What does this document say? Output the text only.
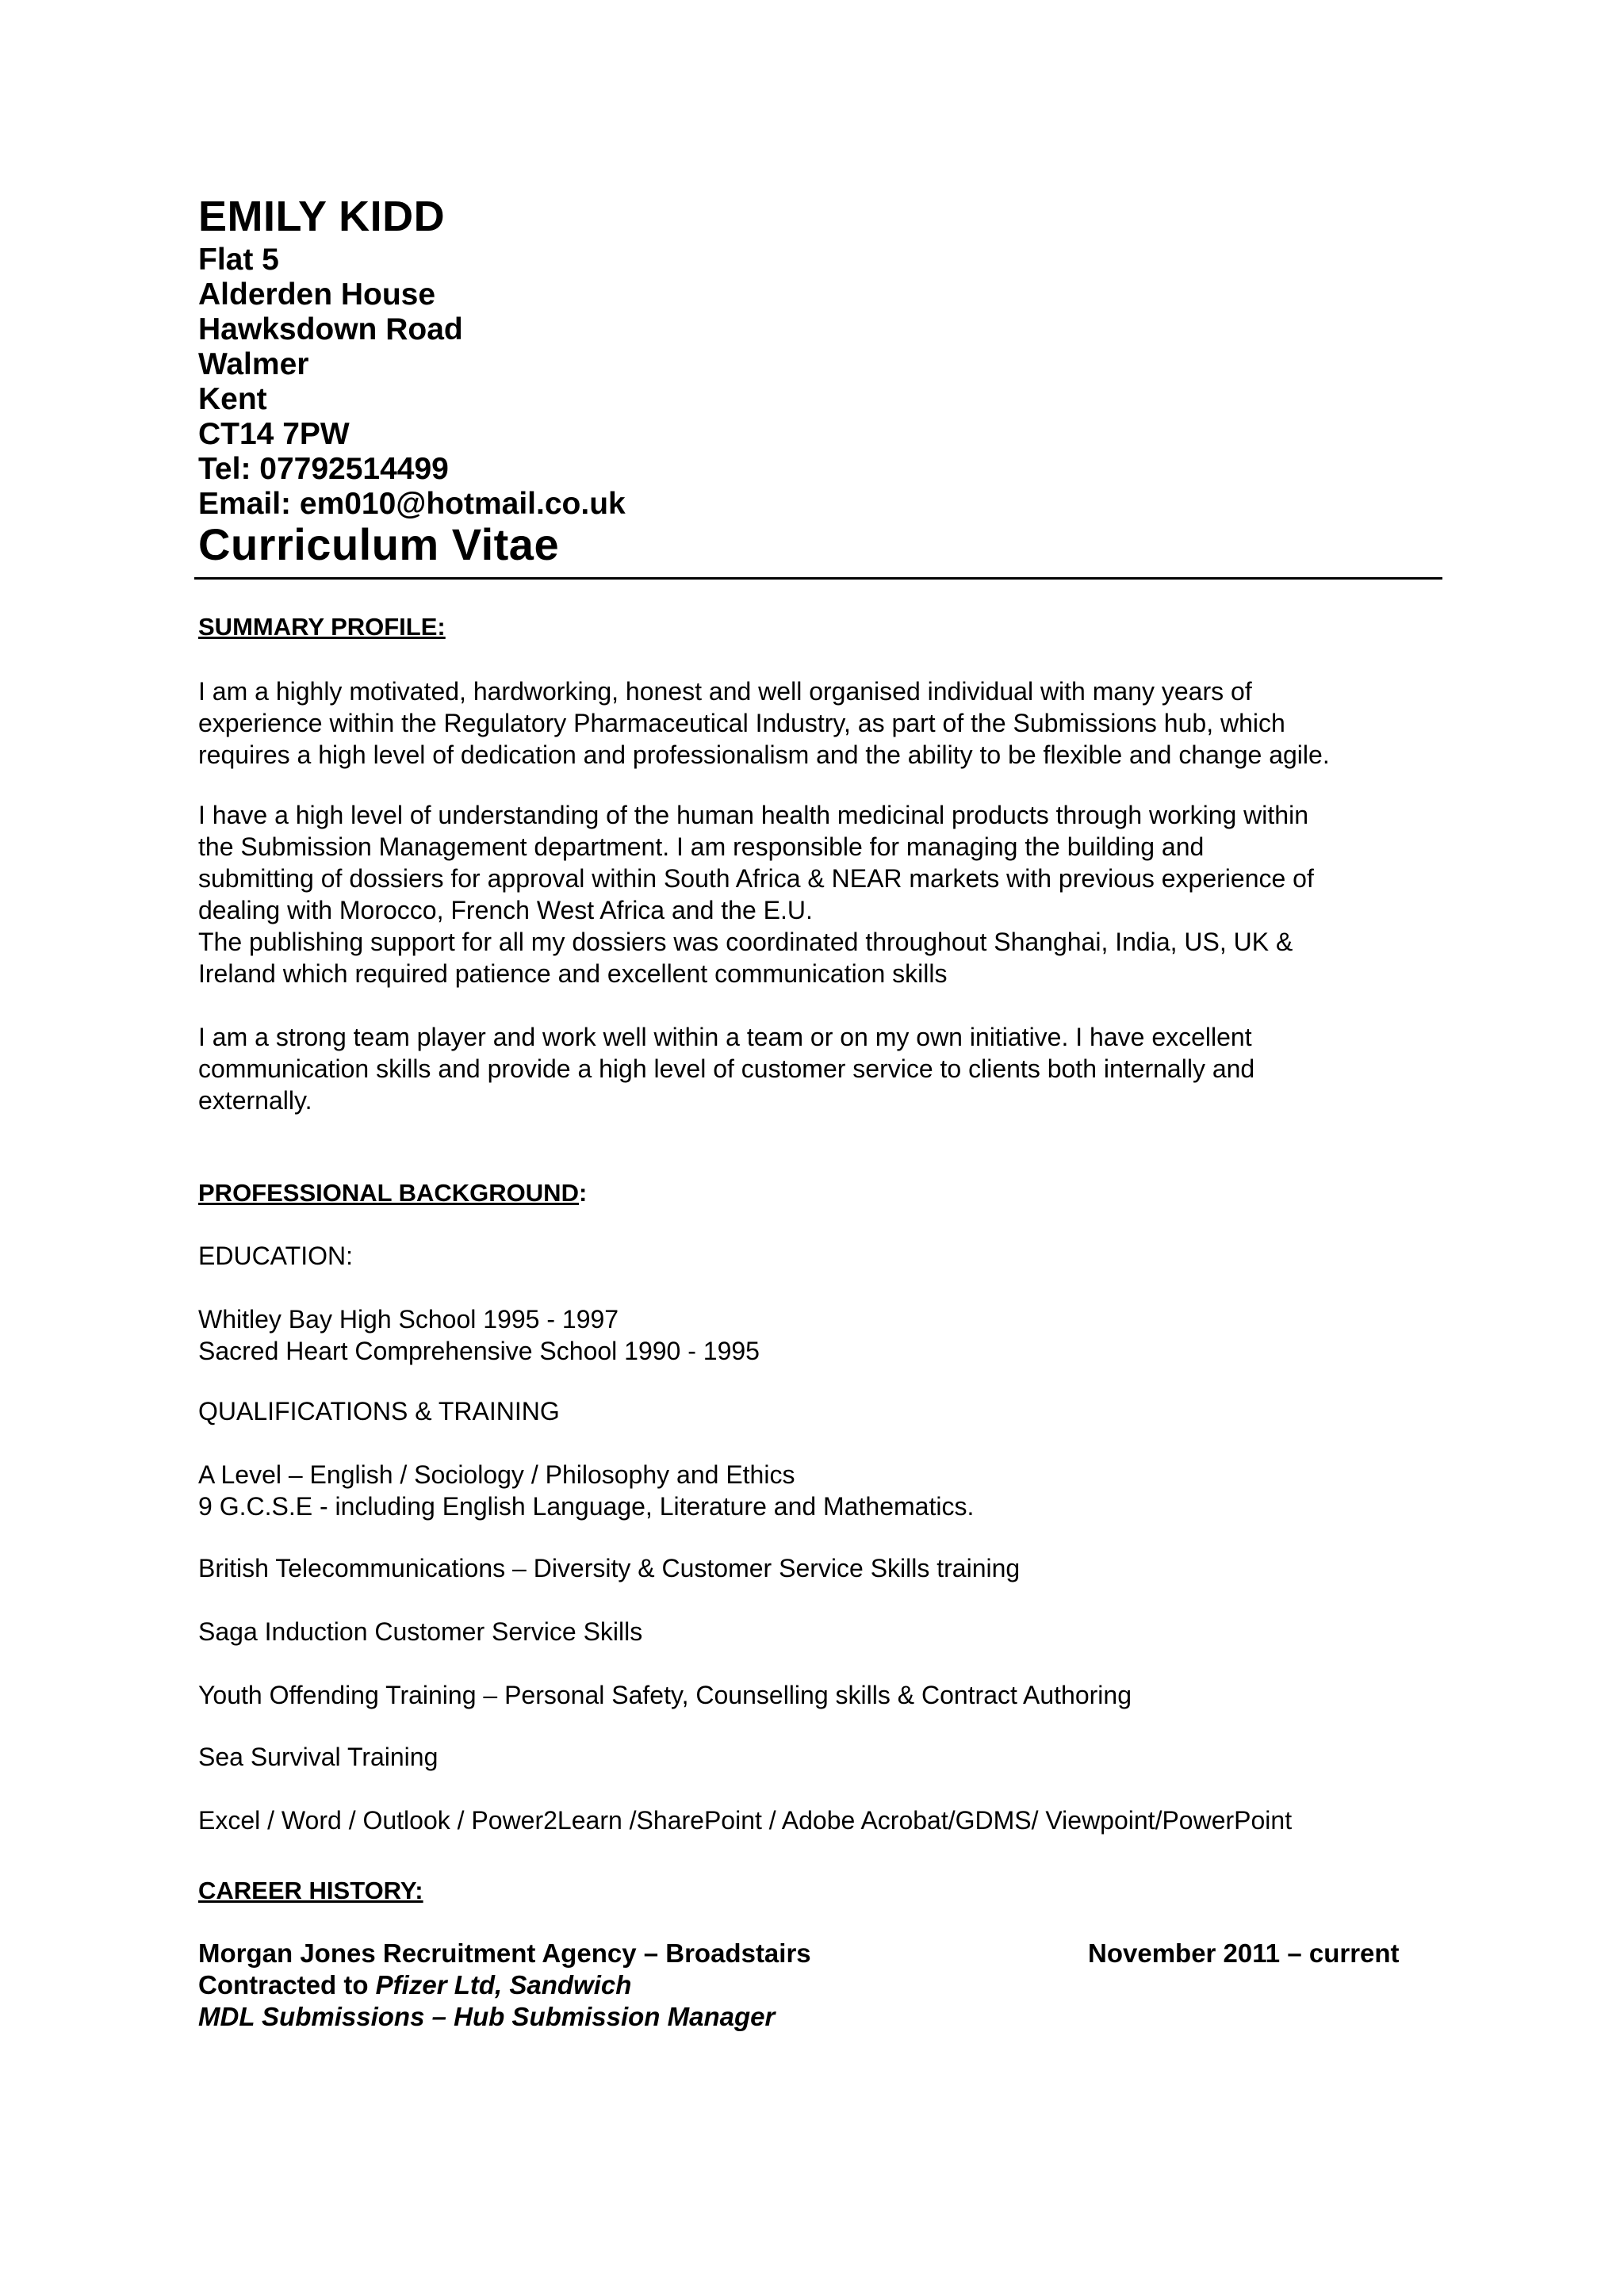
EMILY KIDD

Flat 5

Alderden House

Hawksdown Road

Walmer

Kent

CT14 7PW

Tel: 07792514499

Email: em010@hotmail.co.uk

Curriculum Vitae

SUMMARY PROFILE:

I am a highly motivated, hardworking, honest and well organised individual with many years of
experience within the Regulatory Pharmaceutical Industry, as part of the Submissions hub, which
requires a high level of dedication and professionalism and the ability to be flexible and change agile.
I have a high level of understanding of the human health medicinal products through working within
the Submission Management department. I am responsible for managing the building and
submitting of dossiers for approval within South Africa & NEAR markets with previous experience of
dealing with Morocco, French West Africa and the E.U.
The publishing support for all my dossiers was coordinated throughout Shanghai, India, US, UK &
Ireland which required patience and excellent communication skills
I am a strong team player and work well within a team or on my own initiative. I have excellent
communication skills and provide a high level of customer service to clients both internally and
externally.

PROFESSIONAL BACKGROUND:

EDUCATION:
Whitley Bay High School 1995 - 1997
Sacred Heart Comprehensive School 1990 - 1995
QUALIFICATIONS & TRAINING
A Level – English / Sociology / Philosophy and Ethics
9 G.C.S.E - including English Language, Literature and Mathematics.
British Telecommunications – Diversity & Customer Service Skills training
Saga Induction Customer Service Skills
Youth Offending Training – Personal Safety, Counselling skills & Contract Authoring
Sea Survival Training
Excel / Word / Outlook / Power2Learn /SharePoint / Adobe Acrobat/GDMS/ Viewpoint/PowerPoint

CAREER HISTORY:

Morgan Jones Recruitment Agency – Broadstairs	November 2011 – current

Contracted to Pfizer Ltd, Sandwich

MDL Submissions – Hub Submission Manager
